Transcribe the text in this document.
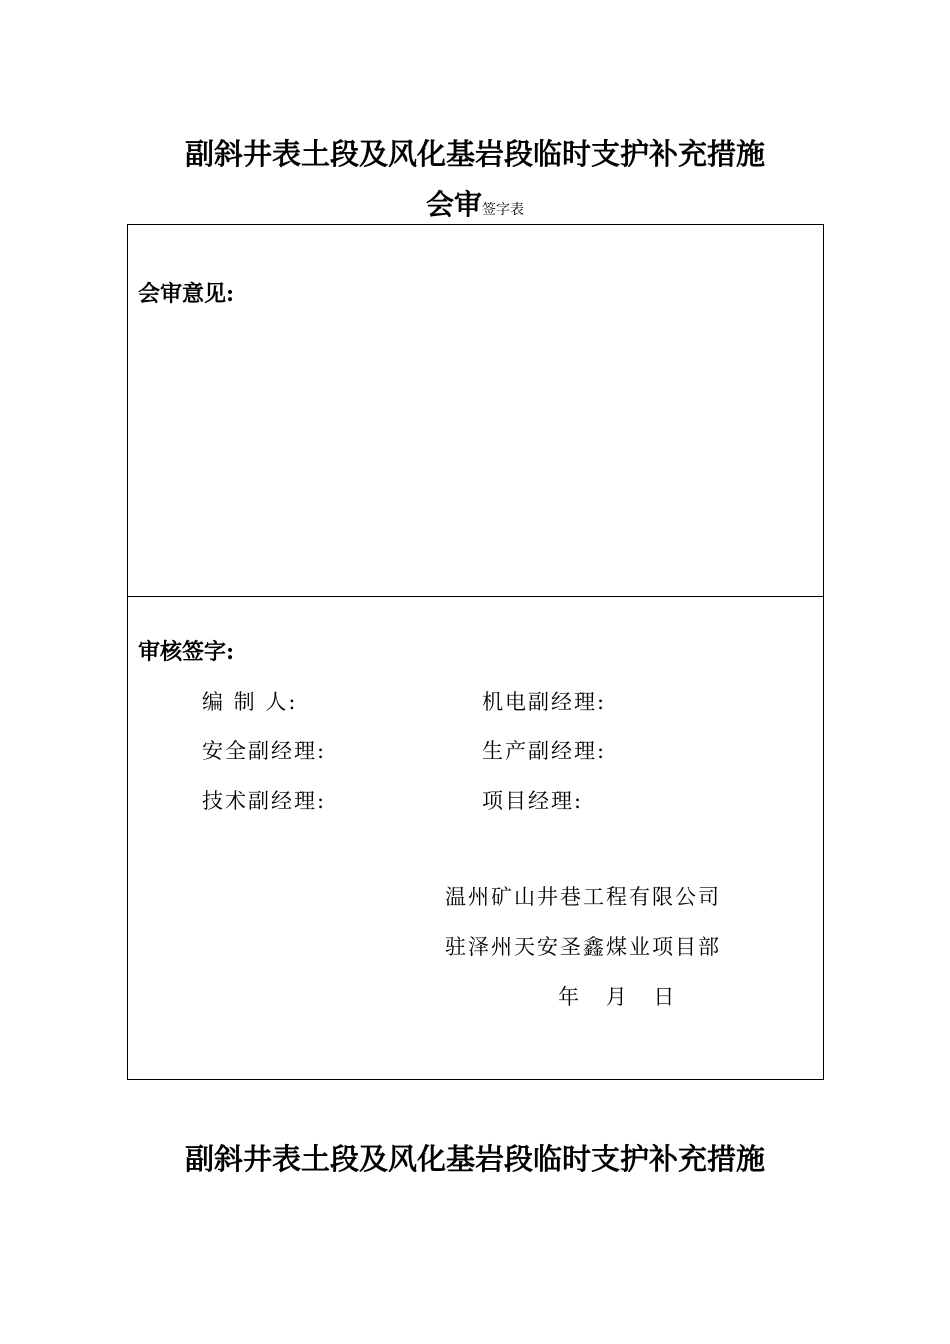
副斜井表土段及风化基岩段临时支护补充措施
会审签字表
会审意见:
审核签字:
编 制 人:	机电副经理:
安全副经理:	生产副经理:
技术副经理:	项目经理:
温州矿山井巷工程有限公司
驻泽州天安圣鑫煤业项目部
年    月    日
副斜井表土段及风化基岩段临时支护补充措施
